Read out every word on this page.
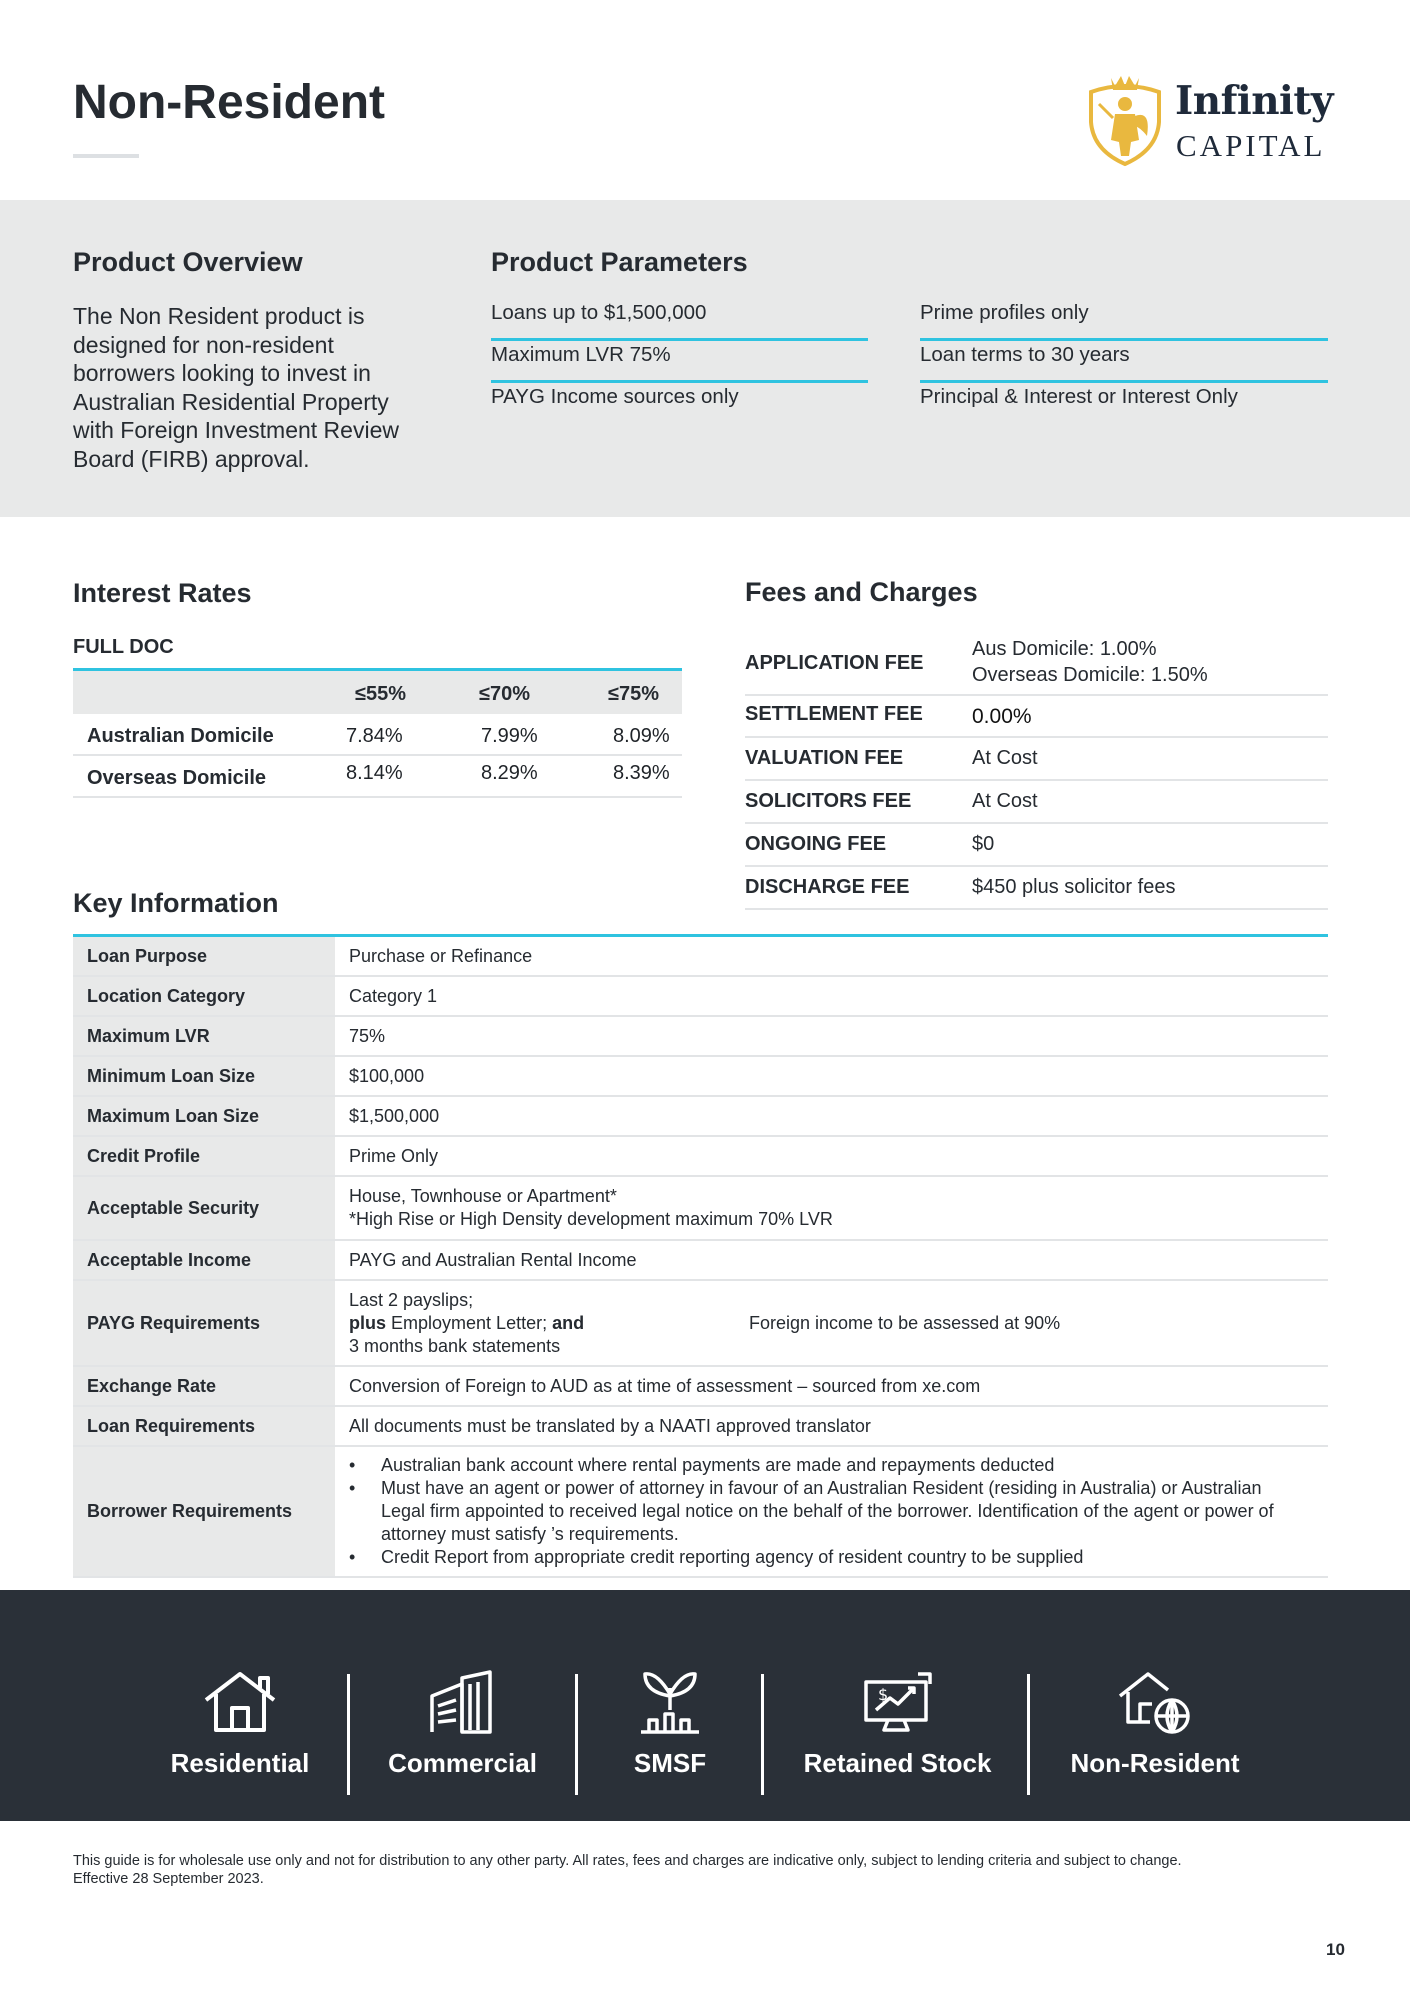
Non-Resident	Infinity
CAPITAL
Product Overview

The Non Resident product is designed for non-resident borrowers looking to invest in Australian Residential Property with Foreign Investment Review Board (FIRB) approval.

Product Parameters
Loans up to $1,500,000
Maximum LVR 75%
PAYG Income sources only
Prime profiles only
Loan terms to 30 years
Principal & Interest or Interest Only
Interest Rates
FULL DOC
≤55%	≤70%	≤75%
Australian Domicile	7.84%	7.99%	8.09%
Overseas Domicile	8.14%	8.29%	8.39%
Fees and Charges
APPLICATION FEE
Aus Domicile: 1.00%
Overseas Domicile: 1.50%
SETTLEMENT FEE 0.00%
VALUATION FEE	At Cost
SOLICITORS FEE	At Cost
ONGOING FEE	$0
DISCHARGE FEE	$450 plus solicitor fees
Key Information
Loan Purpose	Purchase or Refinance
Location Category	Category 1
Maximum LVR	75%
Minimum Loan Size	$100,000
Maximum Loan Size	$1,500,000
Credit Profile	Prime Only
Acceptable Security
House, Townhouse or Apartment*
*High Rise or High Density development maximum 70% LVR
Acceptable Income	PAYG and Australian Rental Income
PAYG Requirements
Last 2 payslips;
plus Employment Letter; and
3 months bank statements
Foreign income to be assessed at 90%
Exchange Rate	Conversion of Foreign to AUD as at time of assessment – sourced from xe.com
Loan Requirements	All documents must be translated by a NAATI approved translator
Borrower Requirements
• Australian bank account where rental payments are made and repayments deducted
• Must have an agent or power of attorney in favour of an Australian Resident (residing in Australia) or Australian Legal firm appointed to received legal notice on the behalf of the borrower. Identification of the agent or power of attorney must satisfy ’s requirements.
• Credit Report from appropriate credit reporting agency of resident country to be supplied
Residential	Commercial	SMSF
$
Retained Stock	Non-Resident
This guide is for wholesale use only and not for distribution to any other party. All rates, fees and charges are indicative only, subject to lending criteria and subject to change.
Effective 28 September 2023.
10
